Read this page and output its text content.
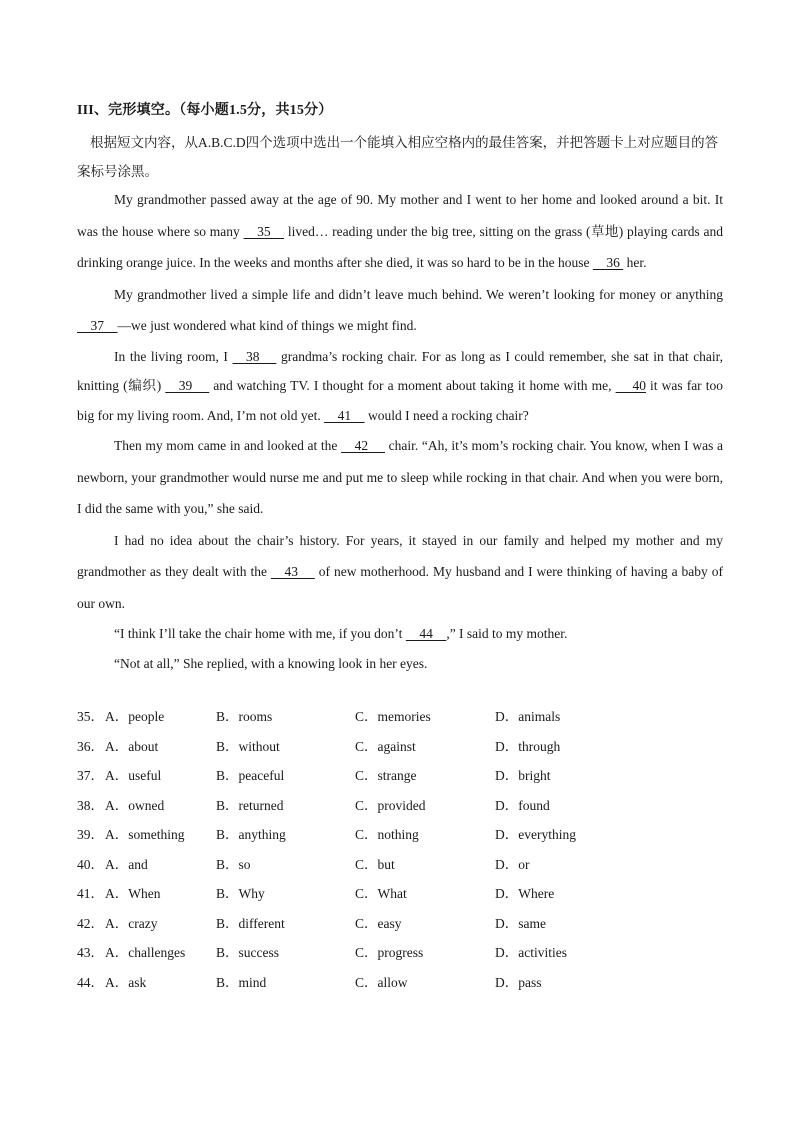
III、完形填空。（每小题1.5分，共15分）
根据短文内容，从A.B.C.D四个选项中选出一个能填入相应空格内的最佳答案，并把答题卡上对应题目的答案标号涂黑。

My grandmother passed away at the age of 90. My mother and I went to her home and looked around a bit. It was the house where so many     35     lived… reading under the big tree, sitting on the grass (草地) playing cards and drinking orange juice. In the weeks and months after she died, it was so hard to be in the house     36  her.

My grandmother lived a simple life and didn’t leave much behind. We weren’t looking for money or anything     37    —we just wondered what kind of things we might find.

In the living room, I     38      grandma’s rocking chair. For as long as I could remember, she sat in that chair, knitting (编织)     39      and watching TV. I thought for a moment about taking it home with me,      40 it was far too big for my living room. And, I’m not old yet.     41     would I need a rocking chair?

Then my mom came in and looked at the     42      chair. “Ah, it’s mom’s rocking chair. You know, when I was a newborn, your grandmother would nurse me and put me to sleep while rocking in that chair. And when you were born, I did the same with you,” she said.

I had no idea about the chair’s history. For years, it stayed in our family and helped my mother and my grandmother as they dealt with the     43      of new motherhood. My husband and I were thinking of having a baby of our own.

“I think I’ll take the chair home with me, if you don’t     44    ,” I said to my mother.

“Not at all,” She replied, with a knowing look in her eyes.

35． A．people	B．rooms	C．memories	D．animals
36． A．about	B．without	C．against	D．through
37． A．useful	B．peaceful	C．strange	D．bright
38． A．owned	B．returned	C．provided	D．found
39． A．something B．anything	C．nothing	D．everything
40． A．and	B．so	C．but	D．or
41． A．When	B．Why	C．What	D．Where
42． A．crazy	B．different	C．easy	D．same
43． A．challenges B．success	C．progress	D．activities
44． A．ask	B．mind	C．allow	D．pass
